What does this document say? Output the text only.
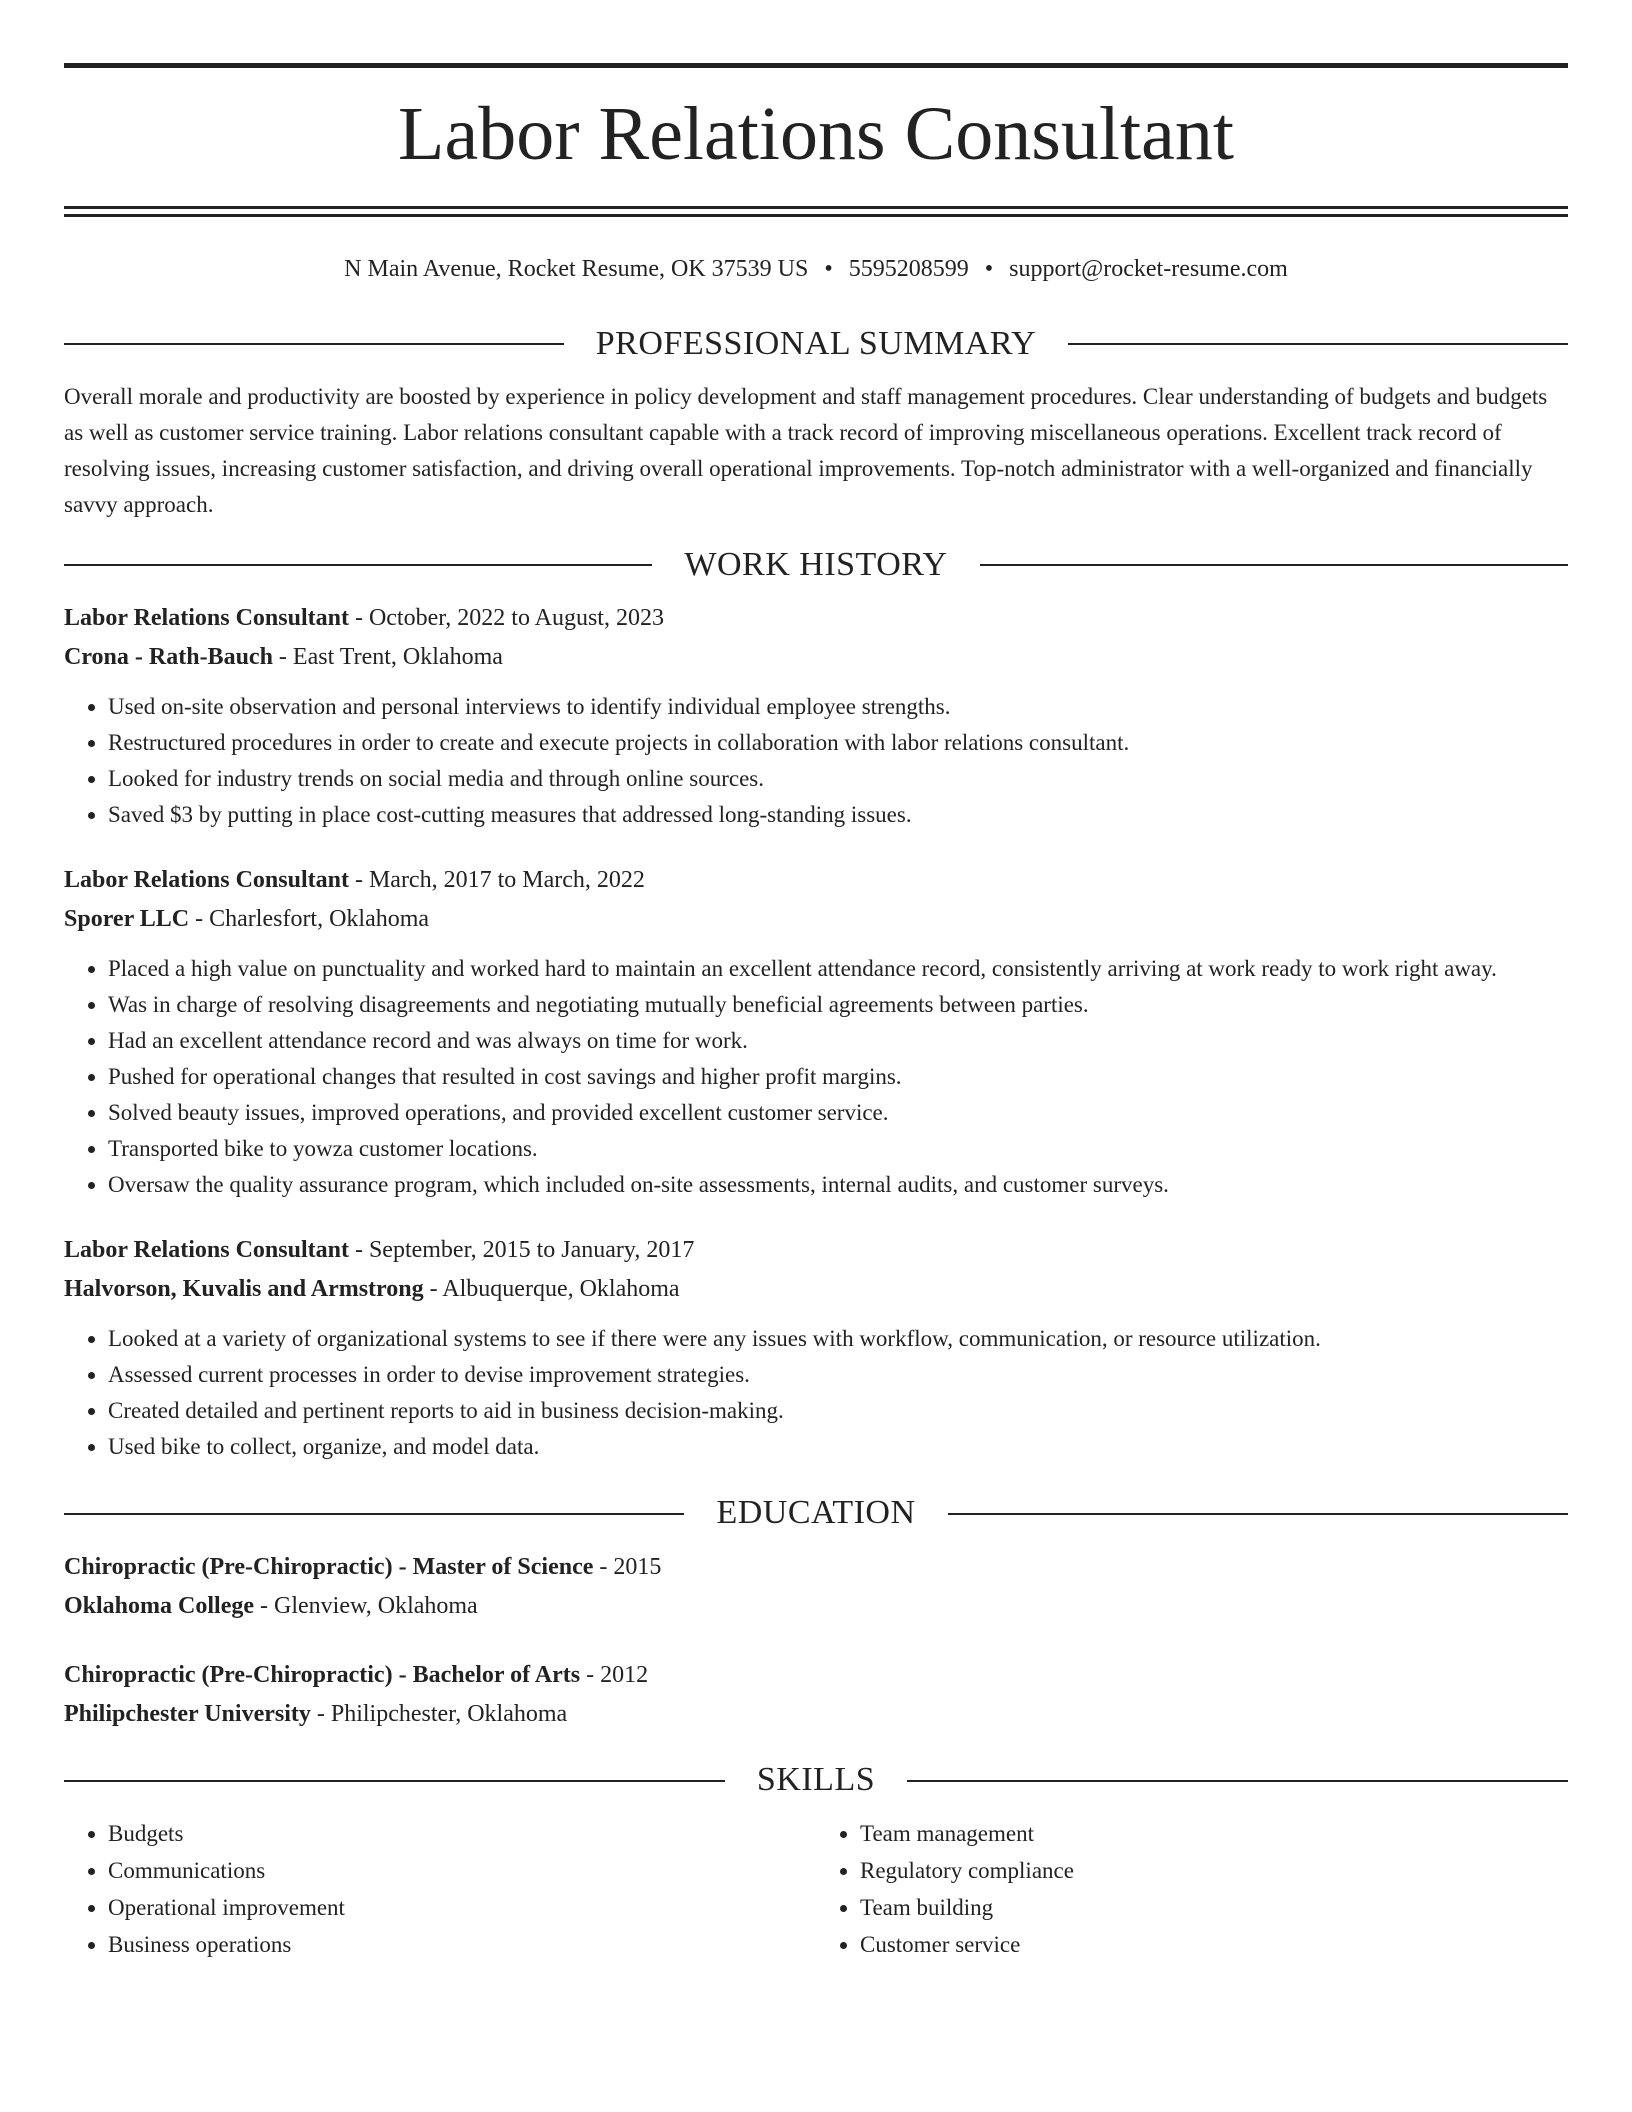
Labor Relations Consultant
N Main Avenue, Rocket Resume, OK 37539 US • 5595208599 • support@rocket-resume.com
PROFESSIONAL SUMMARY

Overall morale and productivity are boosted by experience in policy development and staff management procedures. Clear understanding of budgets and budgets as well as customer service training. Labor relations consultant capable with a track record of improving miscellaneous operations. Excellent track record of resolving issues, increasing customer satisfaction, and driving overall operational improvements. Top-notch administrator with a well-organized and financially savvy approach.

WORK HISTORY
Labor Relations Consultant - October, 2022 to August, 2023
Crona - Rath-Bauch - East Trent, Oklahoma
• Used on-site observation and personal interviews to identify individual employee strengths.
• Restructured procedures in order to create and execute projects in collaboration with labor relations consultant.
• Looked for industry trends on social media and through online sources.
• Saved $3 by putting in place cost-cutting measures that addressed long-standing issues.
Labor Relations Consultant - March, 2017 to March, 2022
Sporer LLC - Charlesfort, Oklahoma
• Placed a high value on punctuality and worked hard to maintain an excellent attendance record, consistently arriving at work ready to work right away.
• Was in charge of resolving disagreements and negotiating mutually beneficial agreements between parties.
• Had an excellent attendance record and was always on time for work.
• Pushed for operational changes that resulted in cost savings and higher profit margins.
• Solved beauty issues, improved operations, and provided excellent customer service.
• Transported bike to yowza customer locations.
• Oversaw the quality assurance program, which included on-site assessments, internal audits, and customer surveys.
Labor Relations Consultant - September, 2015 to January, 2017
Halvorson, Kuvalis and Armstrong - Albuquerque, Oklahoma
• Looked at a variety of organizational systems to see if there were any issues with workflow, communication, or resource utilization.
• Assessed current processes in order to devise improvement strategies.
• Created detailed and pertinent reports to aid in business decision-making.
• Used bike to collect, organize, and model data.
EDUCATION
Chiropractic (Pre-Chiropractic) - Master of Science - 2015
Oklahoma College - Glenview, Oklahoma
Chiropractic (Pre-Chiropractic) - Bachelor of Arts - 2012
Philipchester University - Philipchester, Oklahoma
SKILLS
• Budgets
• Communications
• Operational improvement
• Business operations
• Team management
• Regulatory compliance
• Team building
• Customer service
